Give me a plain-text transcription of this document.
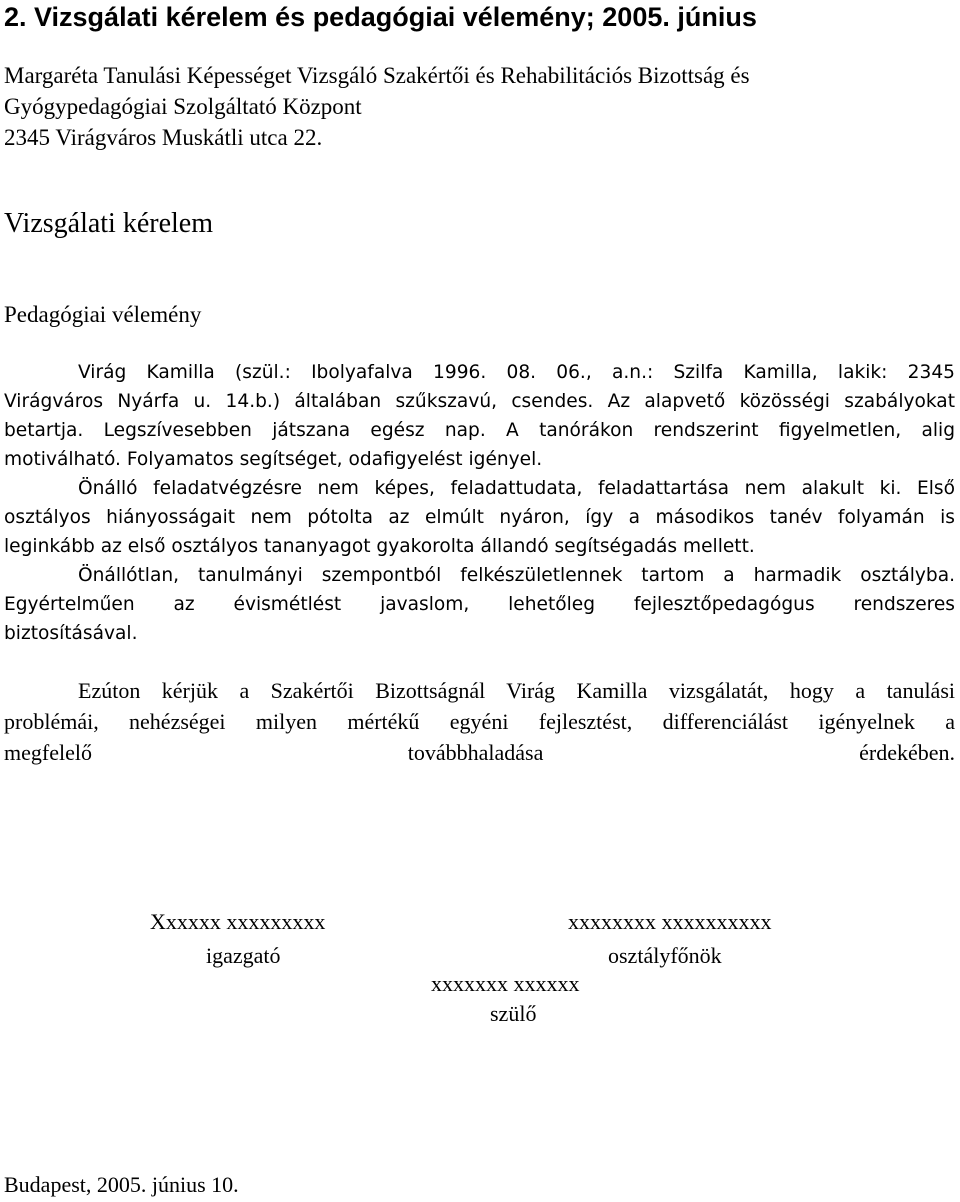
2. Vizsgálati kérelem és pedagógiai vélemény; 2005. június
Margaréta Tanulási Képességet Vizsgáló Szakértői és Rehabilitációs Bizottság és
Gyógypedagógiai Szolgáltató Központ
2345 Virágváros Muskátli utca 22.
Vizsgálati kérelem
Pedagógiai vélemény
Virág Kamilla (szül.: Ibolyafalva 1996. 08. 06., a.n.: Szilfa Kamilla, lakik: 2345
Virágváros Nyárfa u. 14.b.) általában szűkszavú, csendes. Az alapvető közösségi szabályokat
betartja. Legszívesebben játszana egész nap. A tanórákon rendszerint figyelmetlen, alig
motiválható. Folyamatos segítséget, odafigyelést igényel.
Önálló feladatvégzésre nem képes, feladattudata, feladattartása nem alakult ki. Első
osztályos hiányosságait nem pótolta az elmúlt nyáron, így a másodikos tanév folyamán is
leginkább az első osztályos tananyagot gyakorolta állandó segítségadás mellett.
Önállótlan, tanulmányi szempontból felkészületlennek tartom a harmadik osztályba.
Egyértelműen az évismétlést javaslom, lehetőleg fejlesztőpedagógus rendszeres
biztosításával.
Ezúton kérjük a Szakértői Bizottságnál Virág Kamilla vizsgálatát, hogy a tanulási
problémái, nehézségei milyen mértékű egyéni fejlesztést, differenciálást igényelnek a
megfelelő továbbhaladása érdekében.
Xxxxxx xxxxxxxxx
igazgató
xxxxxxxx xxxxxxxxxx
osztályfőnök
xxxxxxx xxxxxx
szülő
Budapest, 2005. június 10.
